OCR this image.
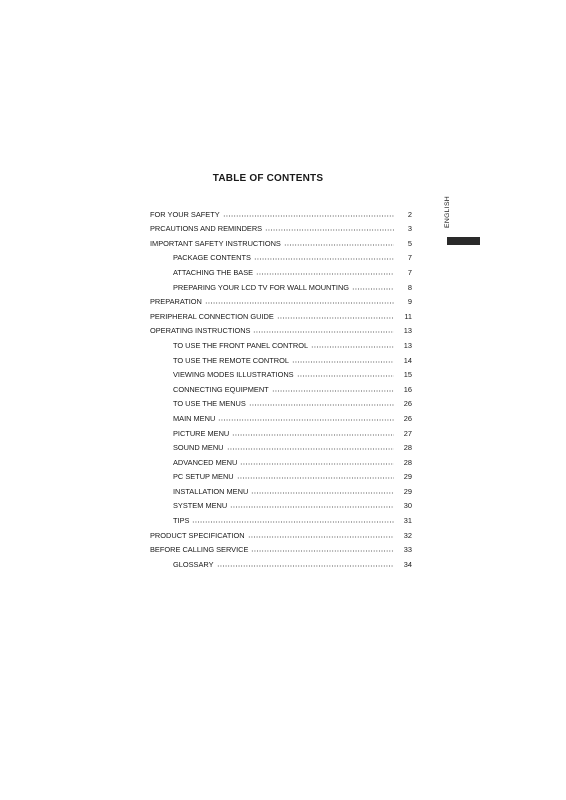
TABLE OF CONTENTS
FOR YOUR SAFETY	2
PRCAUTIONS AND REMINDERS	3
IMPORTANT SAFETY INSTRUCTIONS	5
PACKAGE CONTENTS	7
ATTACHING THE BASE	7
PREPARING YOUR LCD TV FOR WALL MOUNTING	8
PREPARATION	9
PERIPHERAL CONNECTION GUIDE	11
OPERATING INSTRUCTIONS	13
TO USE THE FRONT PANEL CONTROL	13
TO USE THE REMOTE CONTROL	14
VIEWING MODES ILLUSTRATIONS	15
CONNECTING EQUIPMENT	16
TO USE THE MENUS	26
MAIN MENU	26
PICTURE MENU	27
SOUND MENU	28
ADVANCED MENU	28
PC SETUP MENU	29
INSTALLATION MENU	29
SYSTEM MENU	30
TIPS	31
PRODUCT SPECIFICATION	32
BEFORE CALLING SERVICE	33
GLOSSARY	34
ENGLISH
